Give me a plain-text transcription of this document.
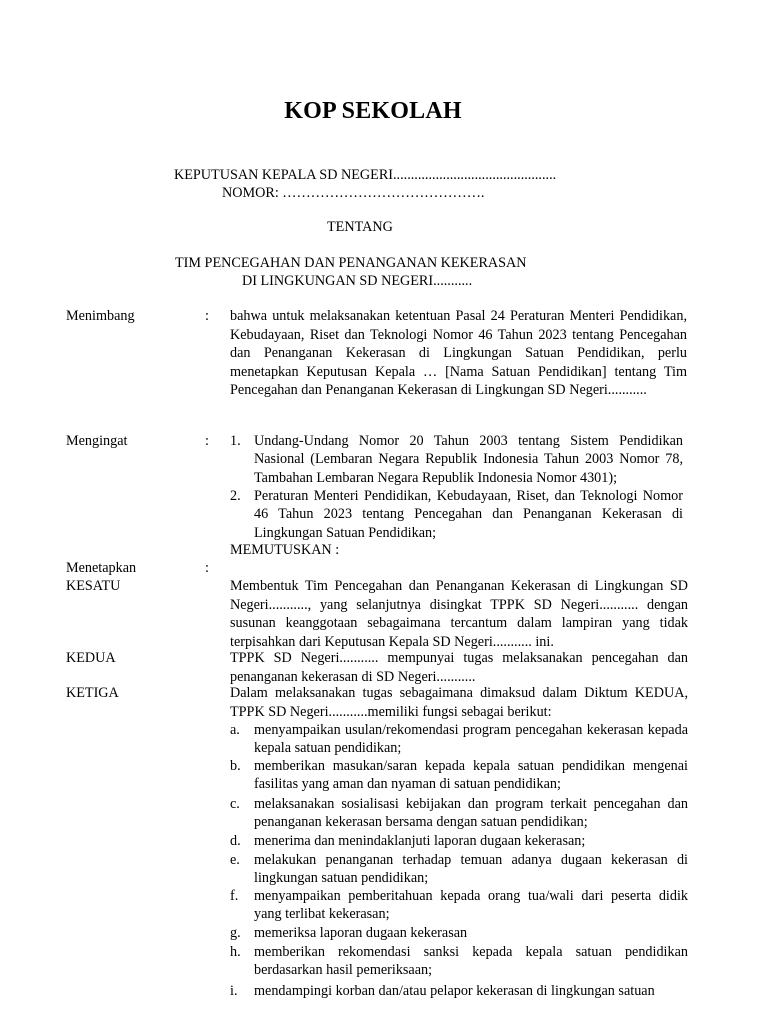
KOP SEKOLAH
KEPUTUSAN KEPALA SD NEGERI..............................................
NOMOR: …………………………………….
TENTANG
TIM PENCEGAHAN DAN PENANGANAN KEKERASAN
DI LINGKUNGAN SD NEGERI...........
Menimbang	: bahwa untuk melaksanakan ketentuan Pasal 24 Peraturan Menteri Pendidikan, Kebudayaan, Riset dan Teknologi Nomor 46 Tahun 2023 tentang Pencegahan dan Penanganan Kekerasan di Lingkungan Satuan Pendidikan, perlu menetapkan Keputusan Kepala … [Nama Satuan Pendidikan] tentang Tim Pencegahan dan Penanganan Kekerasan di Lingkungan SD Negeri...........
Mengingat	: 1. Undang-Undang Nomor 20 Tahun 2003 tentang Sistem Pendidikan Nasional (Lembaran Negara Republik Indonesia Tahun 2003 Nomor 78, Tambahan Lembaran Negara Republik Indonesia Nomor 4301);
2. Peraturan Menteri Pendidikan, Kebudayaan, Riset, dan Teknologi Nomor 46 Tahun 2023 tentang Pencegahan dan Penanganan Kekerasan di Lingkungan Satuan Pendidikan;
MEMUTUSKAN :
Menetapkan	:
KESATU	Membentuk Tim Pencegahan dan Penanganan Kekerasan di Lingkungan SD Negeri..........., yang selanjutnya disingkat TPPK SD Negeri........... dengan susunan keanggotaan sebagaimana tercantum dalam lampiran yang tidak terpisahkan dari Keputusan Kepala SD Negeri........... ini.
KEDUA	TPPK SD Negeri........... mempunyai tugas melaksanakan pencegahan dan penanganan kekerasan di SD Negeri...........
KETIGA	Dalam melaksanakan tugas sebagaimana dimaksud dalam Diktum KEDUA, TPPK SD Negeri...........memiliki fungsi sebagai berikut:
a. menyampaikan usulan/rekomendasi program pencegahan kekerasan kepada kepala satuan pendidikan;
b. memberikan masukan/saran kepada kepala satuan pendidikan mengenai fasilitas yang aman dan nyaman di satuan pendidikan;
c. melaksanakan sosialisasi kebijakan dan program terkait pencegahan dan penanganan kekerasan bersama dengan satuan pendidikan;
d. menerima dan menindaklanjuti laporan dugaan kekerasan;
e. melakukan penanganan terhadap temuan adanya dugaan kekerasan di lingkungan satuan pendidikan;
f. menyampaikan pemberitahuan kepada orang tua/wali dari peserta didik yang terlibat kekerasan;
g. memeriksa laporan dugaan kekerasan
h. memberikan rekomendasi sanksi kepada kepala satuan pendidikan berdasarkan hasil pemeriksaan;
i. mendampingi korban dan/atau pelapor kekerasan di lingkungan satuan
